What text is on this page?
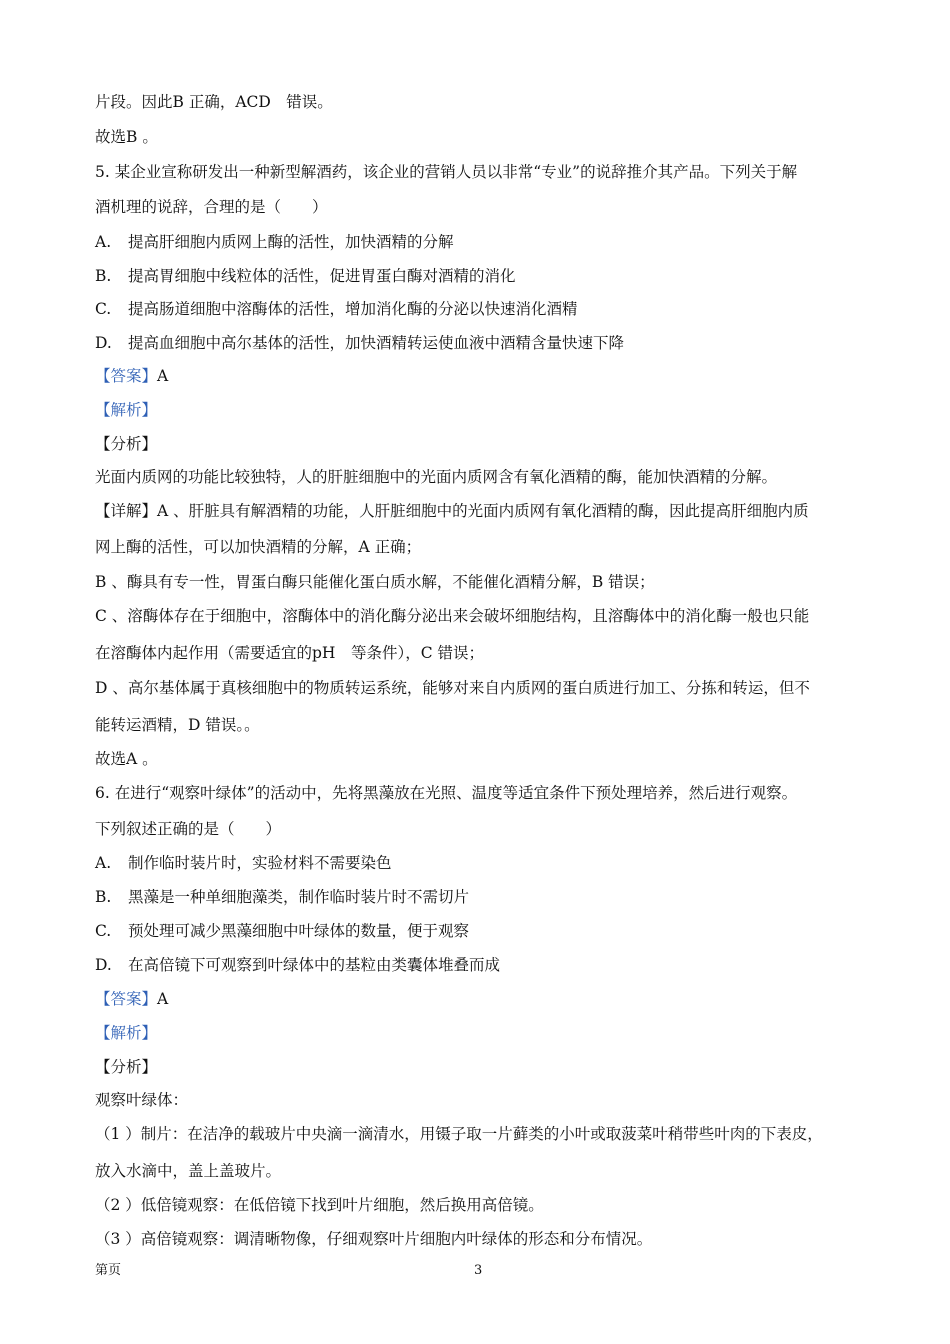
片段。因此B 正确，ACD　错误。
故选B 。
5. 某企业宣称研发出一种新型解酒药，该企业的营销人员以非常“专业”的说辞推介其产品。下列关于解
酒机理的说辞，合理的是（　　）
A. 提高肝细胞内质网上酶的活性，加快酒精的分解
B. 提高胃细胞中线粒体的活性，促进胃蛋白酶对酒精的消化
C. 提高肠道细胞中溶酶体的活性，增加消化酶的分泌以快速消化酒精
D. 提高血细胞中高尔基体的活性，加快酒精转运使血液中酒精含量快速下降
【答案】A
【解析】
【分析】
光面内质网的功能比较独特，人的肝脏细胞中的光面内质网含有氧化酒精的酶，能加快酒精的分解。
【详解】A 、肝脏具有解酒精的功能，人肝脏细胞中的光面内质网有氧化酒精的酶，因此提高肝细胞内质
网上酶的活性，可以加快酒精的分解，A 正确；
B 、酶具有专一性，胃蛋白酶只能催化蛋白质水解，不能催化酒精分解，B 错误；
C 、溶酶体存在于细胞中，溶酶体中的消化酶分泌出来会破坏细胞结构，且溶酶体中的消化酶一般也只能
在溶酶体内起作用（需要适宜的pH　等条件），C 错误；
D 、高尔基体属于真核细胞中的物质转运系统，能够对来自内质网的蛋白质进行加工、分拣和转运，但不
能转运酒精，D 错误。。
故选A 。
6. 在进行“观察叶绿体”的活动中，先将黑藻放在光照、温度等适宜条件下预处理培养，然后进行观察。
下列叙述正确的是（　　）
A. 制作临时装片时，实验材料不需要染色
B. 黑藻是一种单细胞藻类，制作临时装片时不需切片
C. 预处理可减少黑藻细胞中叶绿体的数量，便于观察
D. 在高倍镜下可观察到叶绿体中的基粒由类囊体堆叠而成
【答案】A
【解析】
【分析】
观察叶绿体：
（1 ）制片：在洁净的载玻片中央滴一滴清水，用镊子取一片藓类的小叶或取菠菜叶稍带些叶肉的下表皮，
放入水滴中，盖上盖玻片。
（2 ）低倍镜观察：在低倍镜下找到叶片细胞，然后换用高倍镜。
（3 ）高倍镜观察：调清晰物像，仔细观察叶片细胞内叶绿体的形态和分布情况。
第页	3
